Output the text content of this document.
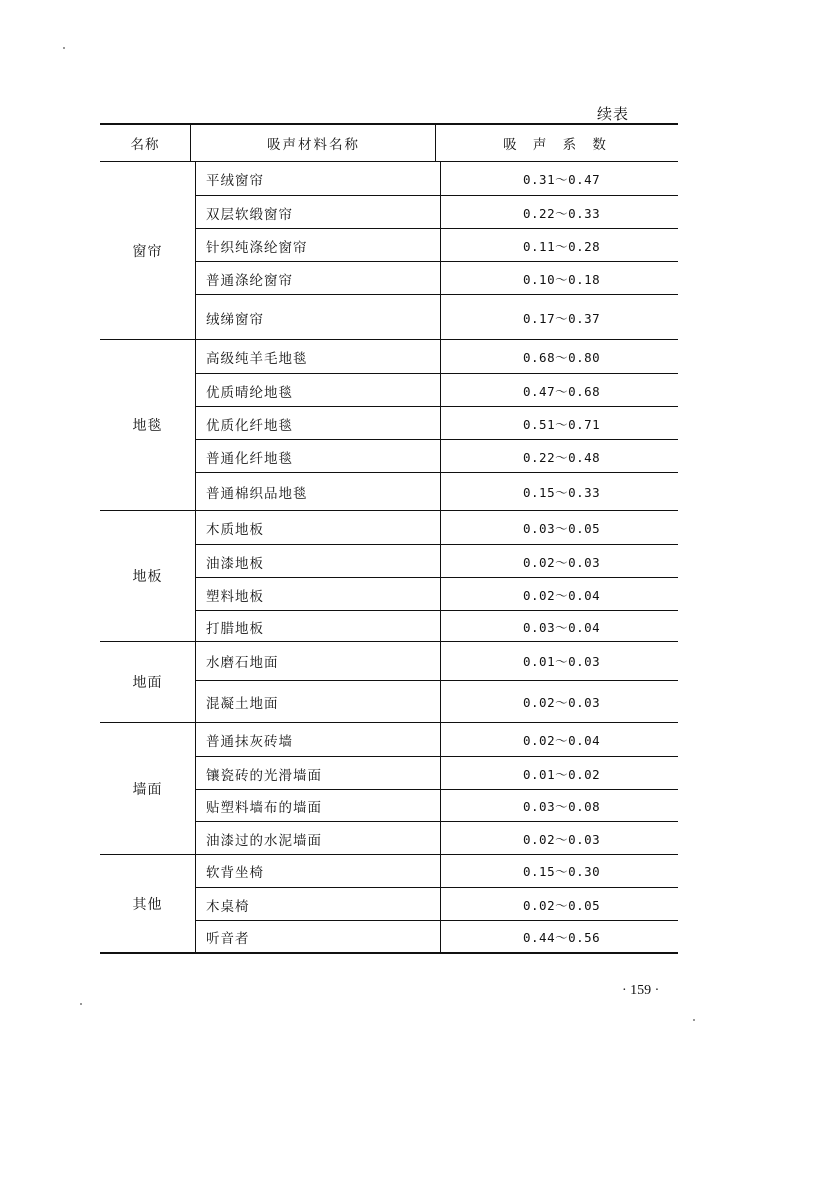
续表
名称	吸声材料名称	吸 声 系 数
窗帘
平绒窗帘	0.31～0.47
双层软缎窗帘	0.22～0.33
针织纯涤纶窗帘	0.11～0.28
普通涤纶窗帘	0.10～0.18
绒绨窗帘	0.17～0.37
地毯
高级纯羊毛地毯	0.68～0.80
优质晴纶地毯	0.47～0.68
优质化纤地毯	0.51～0.71
普通化纤地毯	0.22～0.48
普通棉织品地毯	0.15～0.33
地板
木质地板	0.03～0.05
油漆地板	0.02～0.03
塑料地板	0.02～0.04
打腊地板	0.03～0.04
地面
水磨石地面	0.01～0.03
混凝土地面	0.02～0.03
墙面
普通抹灰砖墙	0.02～0.04
镶瓷砖的光滑墙面	0.01～0.02
贴塑料墙布的墙面	0.03～0.08
油漆过的水泥墙面	0.02～0.03
其他
软背坐椅	0.15～0.30
木桌椅	0.02～0.05
听音者	0.44～0.56
· 159 ·
